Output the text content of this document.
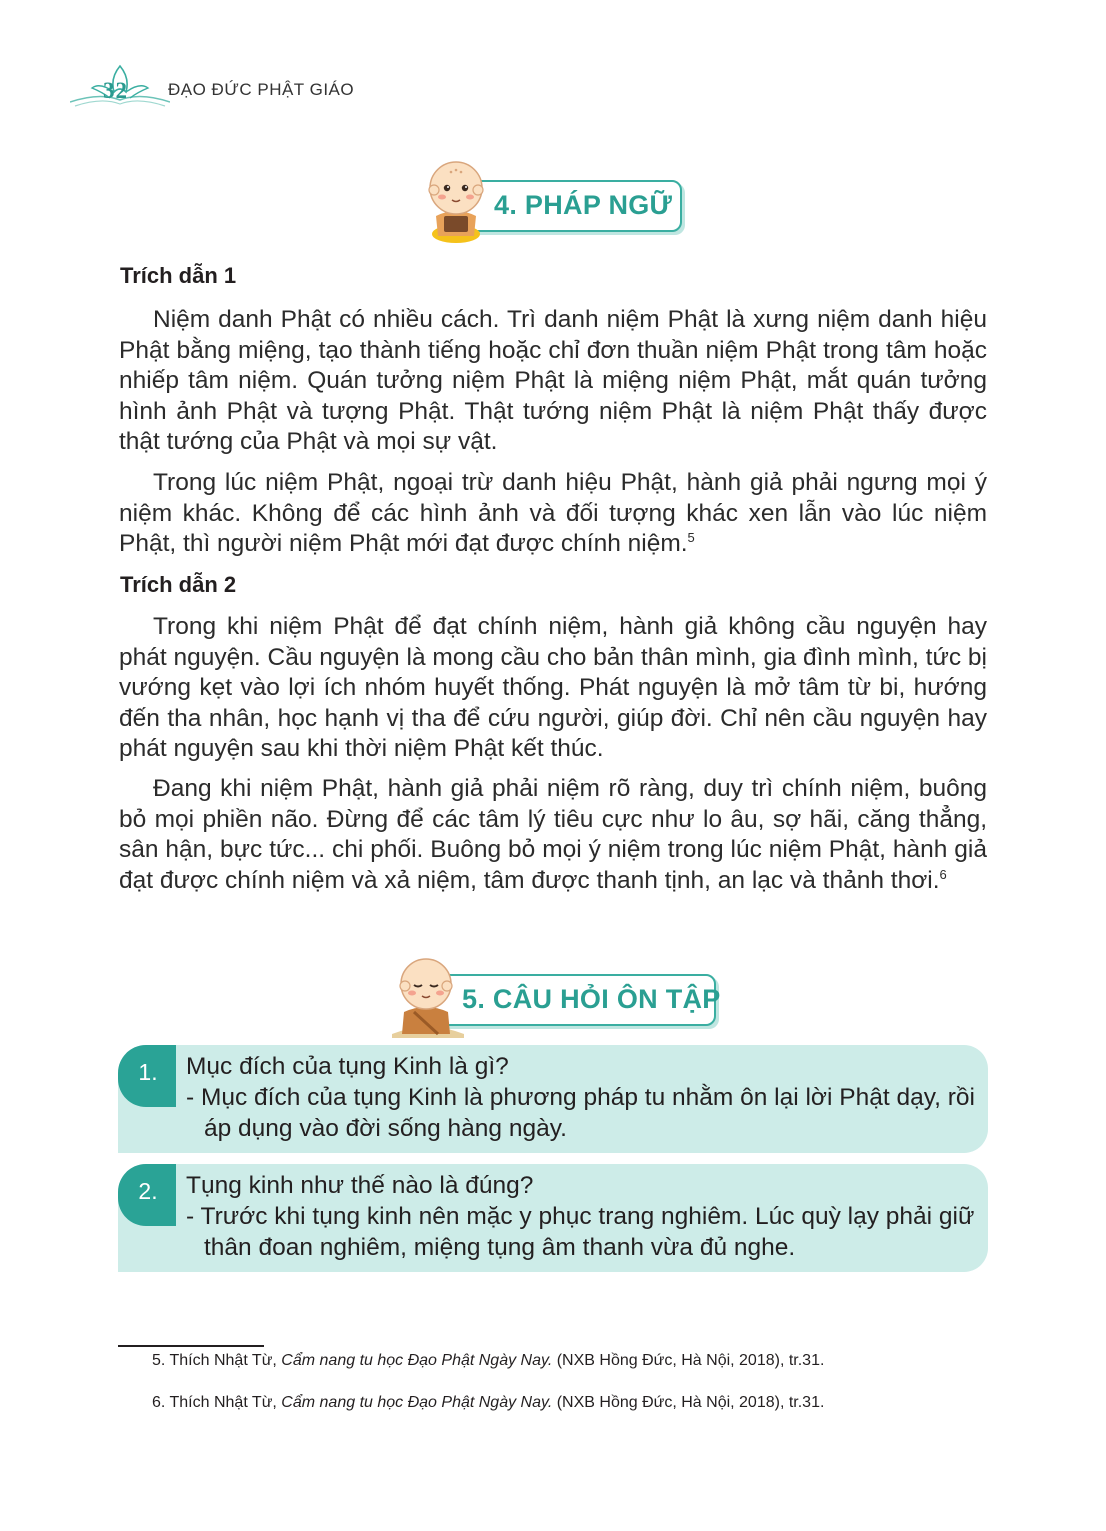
32 ĐẠO ĐỨC PHẬT GIÁO
4. PHÁP NGỮ
Trích dẫn 1

Niệm danh Phật có nhiều cách. Trì danh niệm Phật là xưng niệm danh hiệu Phật bằng miệng, tạo thành tiếng hoặc chỉ đơn thuần niệm Phật trong tâm hoặc nhiếp tâm niệm. Quán tưởng niệm Phật là miệng niệm Phật, mắt quán tưởng hình ảnh Phật và tượng Phật. Thật tướng niệm Phật là niệm Phật thấy được thật tướng của Phật và mọi sự vật.

Trong lúc niệm Phật, ngoại trừ danh hiệu Phật, hành giả phải ngưng mọi ý niệm khác. Không để các hình ảnh và đối tượng khác xen lẫn vào lúc niệm Phật, thì người niệm Phật mới đạt được chính niệm.$^5$

Trích dẫn 2

Trong khi niệm Phật để đạt chính niệm, hành giả không cầu nguyện hay phát nguyện. Cầu nguyện là mong cầu cho bản thân mình, gia đình mình, tức bị vướng kẹt vào lợi ích nhóm huyết thống. Phát nguyện là mở tâm từ bi, hướng đến tha nhân, học hạnh vị tha để cứu người, giúp đời. Chỉ nên cầu nguyện hay phát nguyện sau khi thời niệm Phật kết thúc.

Đang khi niệm Phật, hành giả phải niệm rõ ràng, duy trì chính niệm, buông bỏ mọi phiền não. Đừng để các tâm lý tiêu cực như lo âu, sợ hãi, căng thẳng, sân hận, bực tức... chi phối. Buông bỏ mọi ý niệm trong lúc niệm Phật, hành giả đạt được chính niệm và xả niệm, tâm được thanh tịnh, an lạc và thảnh thơi.$^6$

5. CÂU HỎI ÔN TẬP
1.	Mục đích của tụng Kinh là gì?
- Mục đích của tụng Kinh là phương pháp tu nhằm ôn lại lời Phật dạy, rồi áp dụng vào đời sống hàng ngày.
2.	Tụng kinh như thế nào là đúng?
- Trước khi tụng kinh nên mặc y phục trang nghiêm. Lúc quỳ lạy phải giữ thân đoan nghiêm, miệng tụng âm thanh vừa đủ nghe.

5. Thích Nhật Từ, Cẩm nang tu học Đạo Phật Ngày Nay. (NXB Hồng Đức, Hà Nội, 2018), tr.31.

6. Thích Nhật Từ, Cẩm nang tu học Đạo Phật Ngày Nay. (NXB Hồng Đức, Hà Nội, 2018), tr.31.
